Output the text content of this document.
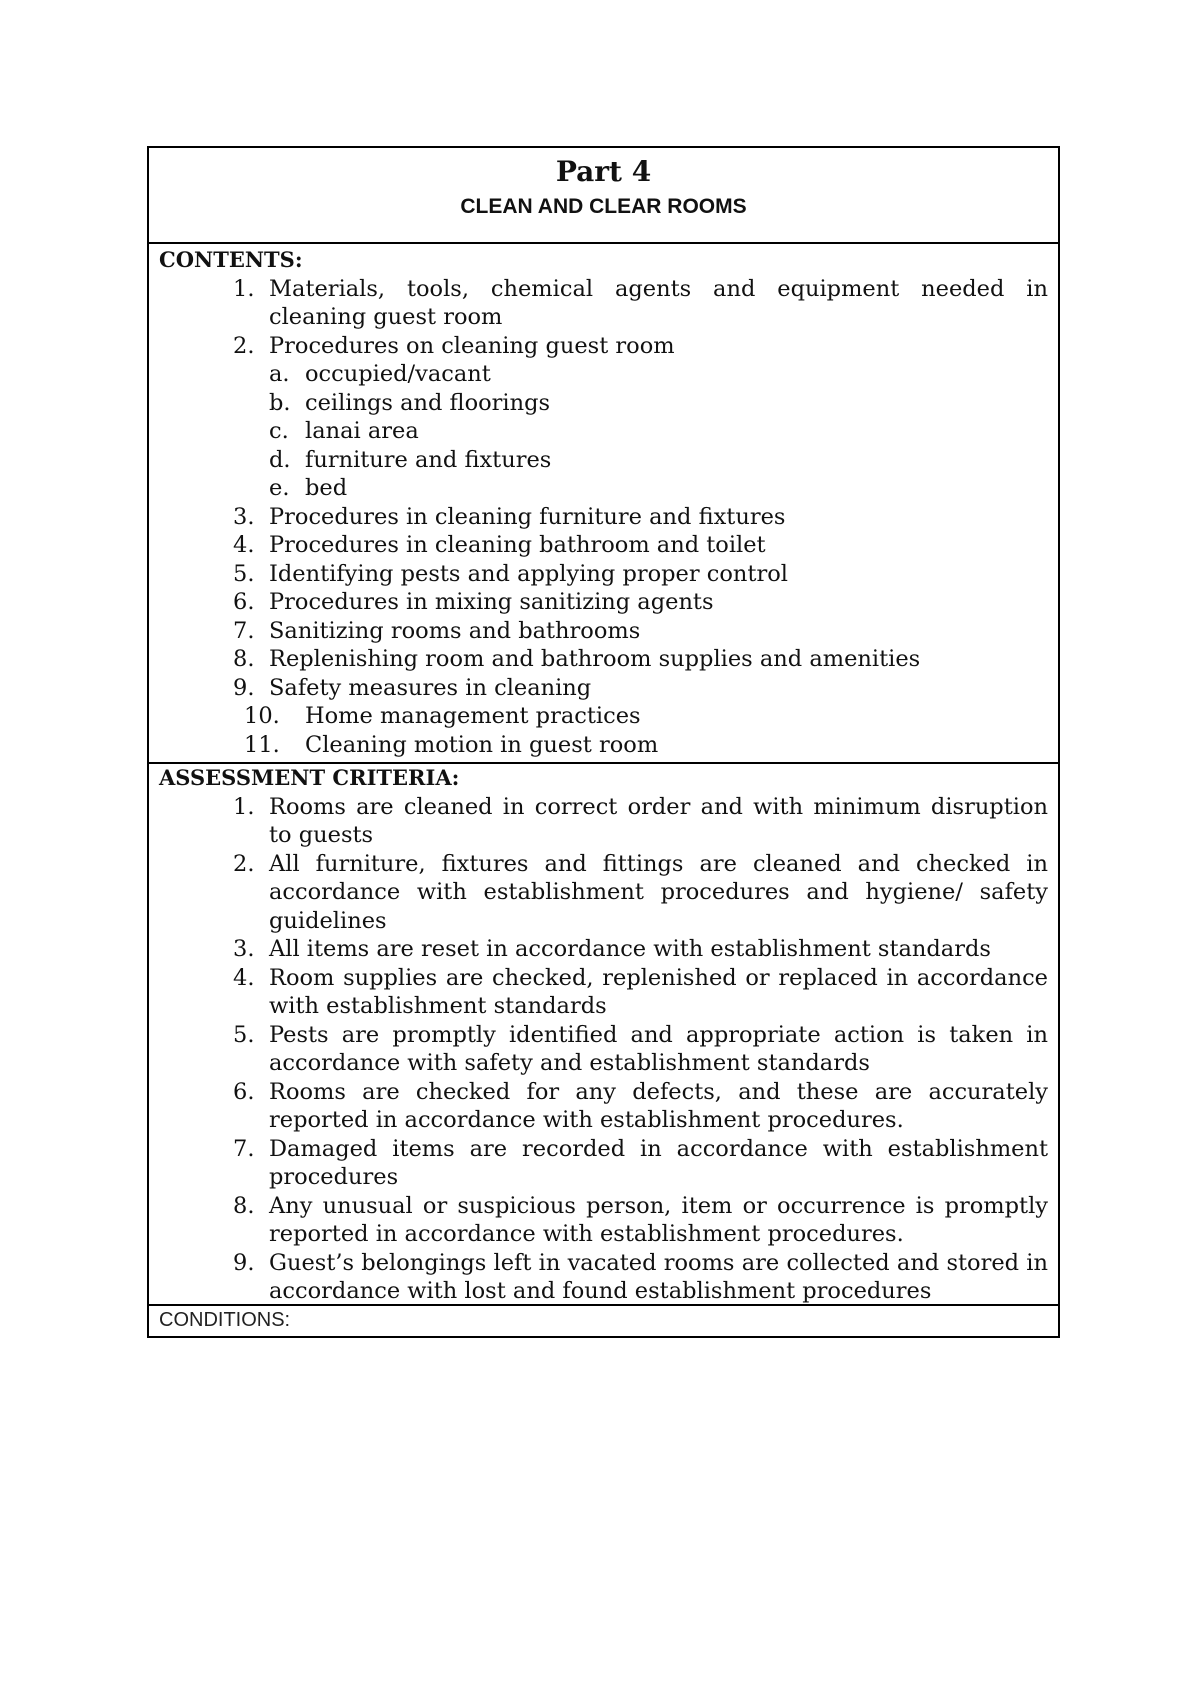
Part 4
CLEAN AND CLEAR ROOMS
CONTENTS:
1. Materials, tools, chemical agents and equipment needed in cleaning guest room
2. Procedures on cleaning guest room
a. occupied/vacant
b. ceilings and floorings
c. lanai area
d. furniture and fixtures
e. bed
3. Procedures in cleaning furniture and fixtures
4. Procedures in cleaning bathroom and toilet
5. Identifying pests and applying proper control
6. Procedures in mixing sanitizing agents
7. Sanitizing rooms and bathrooms
8. Replenishing room and bathroom supplies and amenities
9. Safety measures in cleaning
10. Home management practices
11. Cleaning motion in guest room
ASSESSMENT CRITERIA:
1. Rooms are cleaned in correct order and with minimum disruption to guests
2. All furniture, fixtures and fittings are cleaned and checked in accordance with establishment procedures and hygiene/ safety guidelines
3. All items are reset in accordance with establishment standards
4. Room supplies are checked, replenished or replaced in accordance with establishment standards
5. Pests are promptly identified and appropriate action is taken in accordance with safety and establishment standards
6. Rooms are checked for any defects, and these are accurately reported in accordance with establishment procedures.
7. Damaged items are recorded in accordance with establishment procedures
8. Any unusual or suspicious person, item or occurrence is promptly reported in accordance with establishment procedures.
9. Guest’s belongings left in vacated rooms are collected and stored in accordance with lost and found establishment procedures
CONDITIONS:
